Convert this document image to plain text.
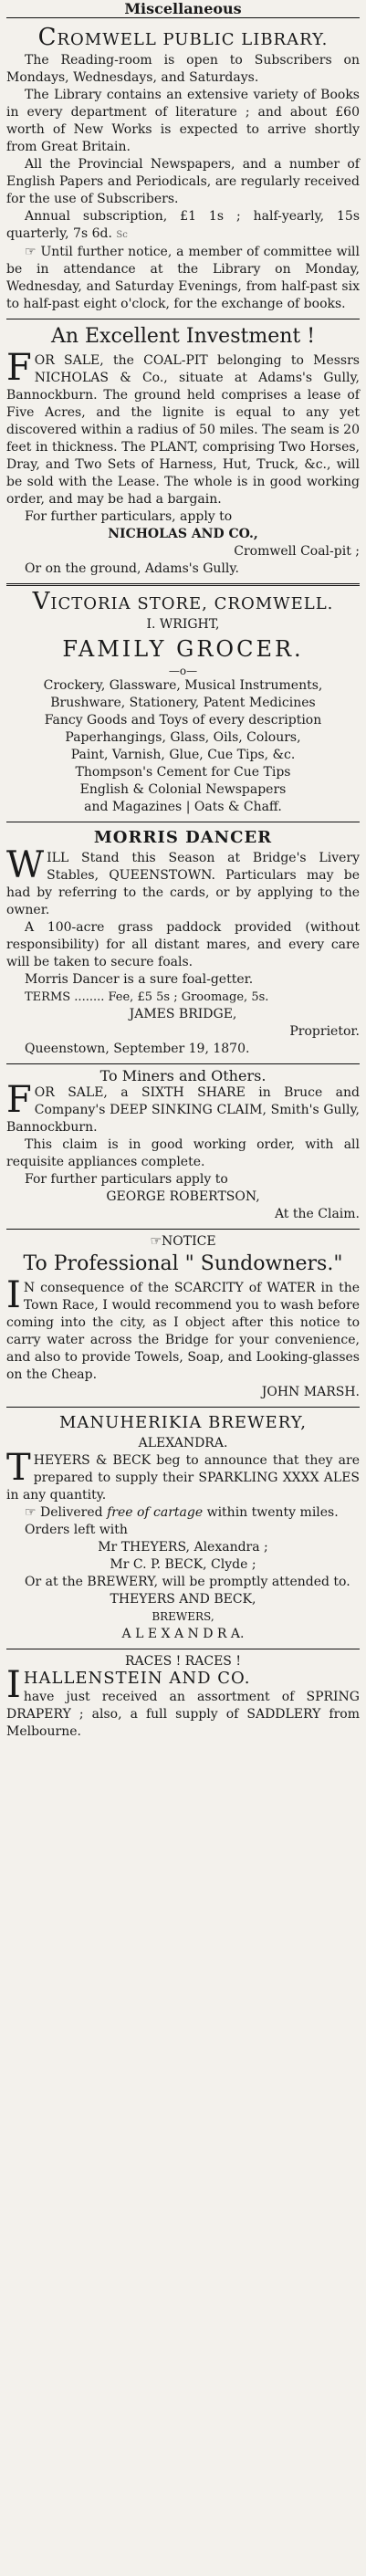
Miscellaneous
CROMWELL PUBLIC LIBRARY.

The Reading-room is open to Subscribers on Mondays, Wednesdays, and Saturdays.

The Library contains an extensive variety of Books in every department of literature ; and about £60 worth of New Works is expected to arrive shortly from Great Britain.

All the Provincial Newspapers, and a number of English Papers and Periodicals, are regularly received for the use of Subscribers.

Annual subscription, £1 1s ; half-yearly, 15s quarterly, 7s 6d. Sc

☞ Until further notice, a member of committee will be in attendance at the Library on Monday, Wednesday, and Saturday Evenings, from half-past six to half-past eight o'clock, for the exchange of books.

An Excellent Investment !

FOR SALE, the COAL-PIT belonging to Messrs NICHOLAS & Co., situate at Adams's Gully, Bannockburn. The ground held comprises a lease of Five Acres, and the lignite is equal to any yet discovered within a radius of 50 miles. The seam is 20 feet in thickness. The PLANT, comprising Two Horses, Dray, and Two Sets of Harness, Hut, Truck, &c., will be sold with the Lease. The whole is in good working order, and may be had a bargain.

For further particulars, apply to

NICHOLAS AND CO.,

Cromwell Coal-pit ;

Or on the ground, Adams's Gully.

VICTORIA STORE, CROMWELL.

I. WRIGHT,

FAMILY GROCER.
—o—

Crockery, Glassware, Musical Instruments,

Brushware, Stationery, Patent Medicines

Fancy Goods and Toys of every description

Paperhangings, Glass, Oils, Colours,

Paint, Varnish, Glue, Cue Tips, &c.

Thompson's Cement for Cue Tips

English & Colonial Newspapers

and Magazines | Oats & Chaff.

MORRIS DANCER

WILL Stand this Season at Bridge's Livery Stables, QUEENSTOWN. Particulars may be had by referring to the cards, or by applying to the owner.

A 100-acre grass paddock provided (without responsibility) for all distant mares, and every care will be taken to secure foals.

Morris Dancer is a sure foal-getter.

TERMS ........ Fee, £5 5s ; Groomage, 5s.

JAMES BRIDGE,

Proprietor.

Queenstown, September 19, 1870.

To Miners and Others.

FOR SALE, a SIXTH SHARE in Bruce and Company's DEEP SINKING CLAIM, Smith's Gully, Bannockburn.

This claim is in good working order, with all requisite appliances complete.

For further particulars apply to

GEORGE ROBERTSON,

At the Claim.

☞NOTICE

To Professional " Sundowners."

I N consequence of the SCARCITY of WATER in the Town Race, I would recommend you to wash before coming into the city, as I object after this notice to carry water across the Bridge for your convenience, and also to provide Towels, Soap, and Looking-glasses on the Cheap.

JOHN MARSH.

MANUHERIKIA BREWERY,

ALEXANDRA.

THEYERS & BECK beg to announce that they are prepared to supply their SPARKLING XXXX ALES in any quantity.

☞ Delivered free of cartage within twenty miles.

Orders left with

Mr THEYERS, Alexandra ;

Mr C. P. BECK, Clyde ;

Or at the BREWERY, will be promptly attended to.

THEYERS AND BECK,

BREWERS,

A L E X A N D R A.

RACES ! RACES !

IHALLENSTEIN AND CO.
have just received an assortment of SPRING DRAPERY ; also, a full supply of SADDLERY from Melbourne.
